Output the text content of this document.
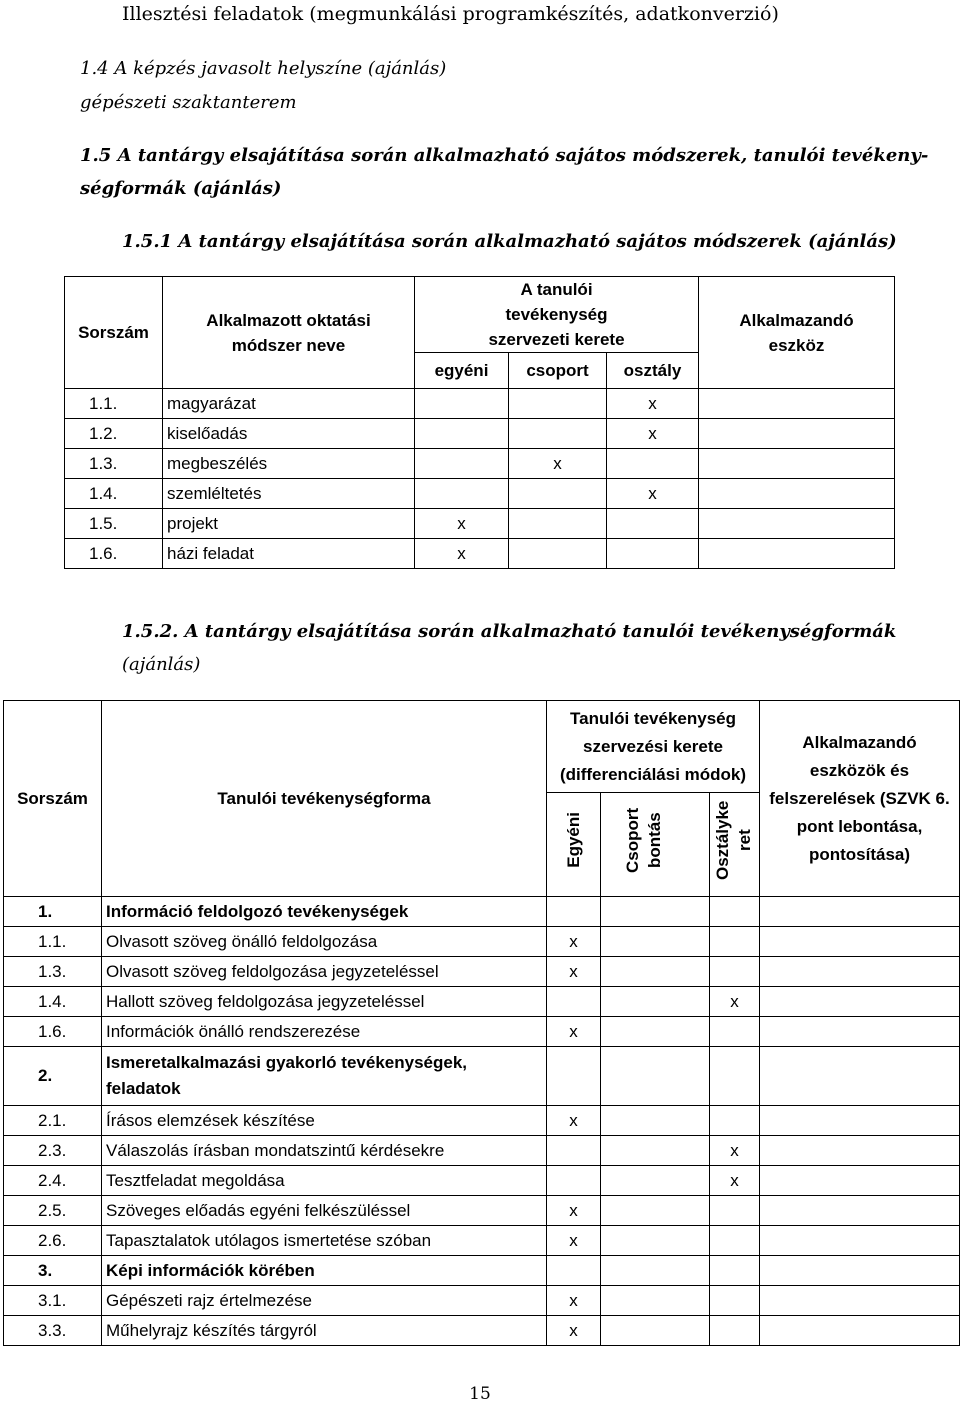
Illesztési feladatok (megmunkálási programkészítés, adatkonverzió)

1.4 A képzés javasolt helyszíne (ajánlás)

gépészeti szaktanterem

1.5 A tantárgy elsajátítása során alkalmazható sajátos módszerek, tanulói tevékeny-

ségformák (ajánlás)

1.5.1 A tantárgy elsajátítása során alkalmazható sajátos módszerek (ajánlás)

Sorszám	Alkalmazott oktatási módszer neve	A tanulói tevékenység szervezeti kerete			Alkalmazandó eszköz
		egyéni	csoport	osztály	
1.1.	magyarázat			x	
1.2.	kiselőadás			x	
1.3.	megbeszélés		x		
1.4.	szemléltetés			x	
1.5.	projekt	x			
1.6.	házi feladat	x			

1.5.2. A tantárgy elsajátítása során alkalmazható tanulói tevékenységformák

(ajánlás)

Sorszám	Tanulói tevékenységforma	Tanulói tevékenység szervezési kerete (differenciálási módok)			Alkalmazandó eszközök és felszerelések (SZVK 6. pont lebontása, pontosítása)
		Egyéni	Csoportbontás	Osztálykeret	
1.	Információ feldolgozó tevékenységek				
1.1.	Olvasott szöveg önálló feldolgozása	x			
1.3.	Olvasott szöveg feldolgozása jegyzeteléssel	x			
1.4.	Hallott szöveg feldolgozása jegyzeteléssel			x	
1.6.	Információk önálló rendszerezése	x			
2.	Ismeretalkalmazási gyakorló tevékenységek, feladatok				
2.1.	Írásos elemzések készítése	x			
2.3.	Válaszolás írásban mondatszintű kérdésekre			x	
2.4.	Tesztfeladat megoldása			x	
2.5.	Szöveges előadás egyéni felkészüléssel	x			
2.6.	Tapasztalatok utólagos ismertetése szóban	x			
3.	Képi információk körében				
3.1.	Gépészeti rajz értelmezése	x			
3.3.	Műhelyrajz készítés tárgyról	x			

15
